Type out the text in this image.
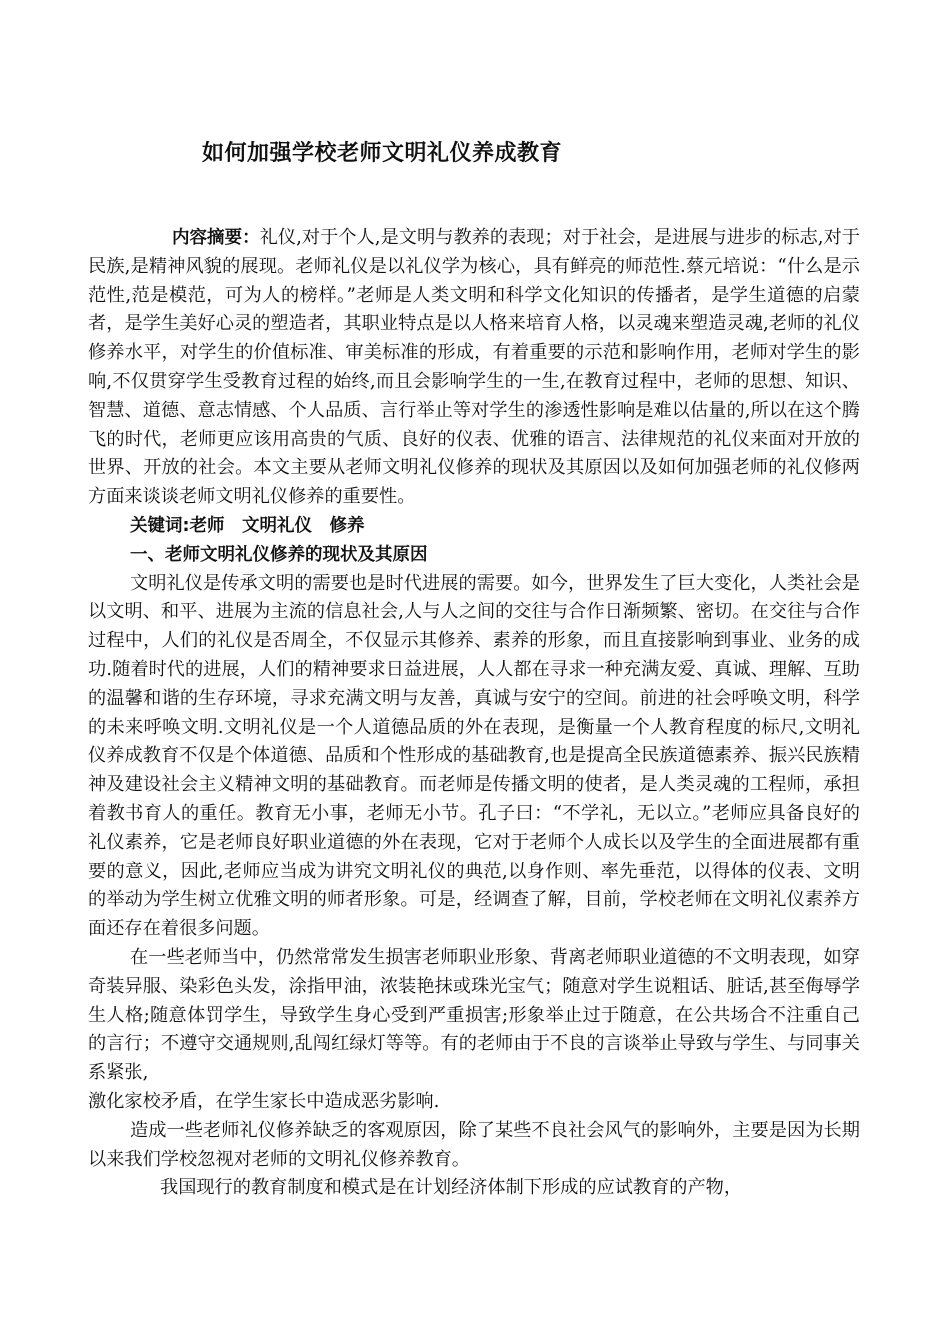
如何加强学校老师文明礼仪养成教育

内容摘要：礼仪,对于个人,是文明与教养的表现；对于社会，是进展与进步的标志,对于民族,是精神风貌的展现。老师礼仪是以礼仪学为核心，具有鲜亮的师范性.蔡元培说：“什么是示范性,范是模范，可为人的榜样。”老师是人类文明和科学文化知识的传播者，是学生道德的启蒙者，是学生美好心灵的塑造者，其职业特点是以人格来培育人格，以灵魂来塑造灵魂,老师的礼仪修养水平，对学生的价值标准、审美标准的形成，有着重要的示范和影响作用，老师对学生的影响,不仅贯穿学生受教育过程的始终,而且会影响学生的一生,在教育过程中，老师的思想、知识、智慧、道德、意志情感、个人品质、言行举止等对学生的渗透性影响是难以估量的,所以在这个腾飞的时代，老师更应该用高贵的气质、良好的仪表、优雅的语言、法律规范的礼仪来面对开放的世界、开放的社会。本文主要从老师文明礼仪修养的现状及其原因以及如何加强老师的礼仪修两方面来谈谈老师文明礼仪修养的重要性。

关键词:老师　文明礼仪　修养

一、老师文明礼仪修养的现状及其原因

文明礼仪是传承文明的需要也是时代进展的需要。如今，世界发生了巨大变化，人类社会是以文明、和平、进展为主流的信息社会,人与人之间的交往与合作日渐频繁、密切。在交往与合作过程中，人们的礼仪是否周全，不仅显示其修养、素养的形象，而且直接影响到事业、业务的成功.随着时代的进展，人们的精神要求日益进展，人人都在寻求一种充满友爱、真诚、理解、互助的温馨和谐的生存环境，寻求充满文明与友善，真诚与安宁的空间。前进的社会呼唤文明，科学的未来呼唤文明.文明礼仪是一个人道德品质的外在表现，是衡量一个人教育程度的标尺,文明礼仪养成教育不仅是个体道德、品质和个性形成的基础教育,也是提高全民族道德素养、振兴民族精神及建设社会主义精神文明的基础教育。而老师是传播文明的使者，是人类灵魂的工程师，承担着教书育人的重任。教育无小事，老师无小节。孔子曰：“不学礼，无以立。”老师应具备良好的礼仪素养，它是老师良好职业道德的外在表现，它对于老师个人成长以及学生的全面进展都有重要的意义，因此,老师应当成为讲究文明礼仪的典范,以身作则、率先垂范，以得体的仪表、文明的举动为学生树立优雅文明的师者形象。可是，经调查了解，目前，学校老师在文明礼仪素养方面还存在着很多问题。

在一些老师当中，仍然常常发生损害老师职业形象、背离老师职业道德的不文明表现，如穿奇装异服、染彩色头发，涂指甲油，浓装艳抹或珠光宝气；随意对学生说粗话、脏话,甚至侮辱学生人格;随意体罚学生，导致学生身心受到严重损害;形象举止过于随意，在公共场合不注重自己的言行；不遵守交通规则,乱闯红绿灯等等。有的老师由于不良的言谈举止导致与学生、与同事关系紧张,

激化家校矛盾，在学生家长中造成恶劣影响.

造成一些老师礼仪修养缺乏的客观原因，除了某些不良社会风气的影响外，主要是因为长期以来我们学校忽视对老师的文明礼仪修养教育。

我国现行的教育制度和模式是在计划经济体制下形成的应试教育的产物，
